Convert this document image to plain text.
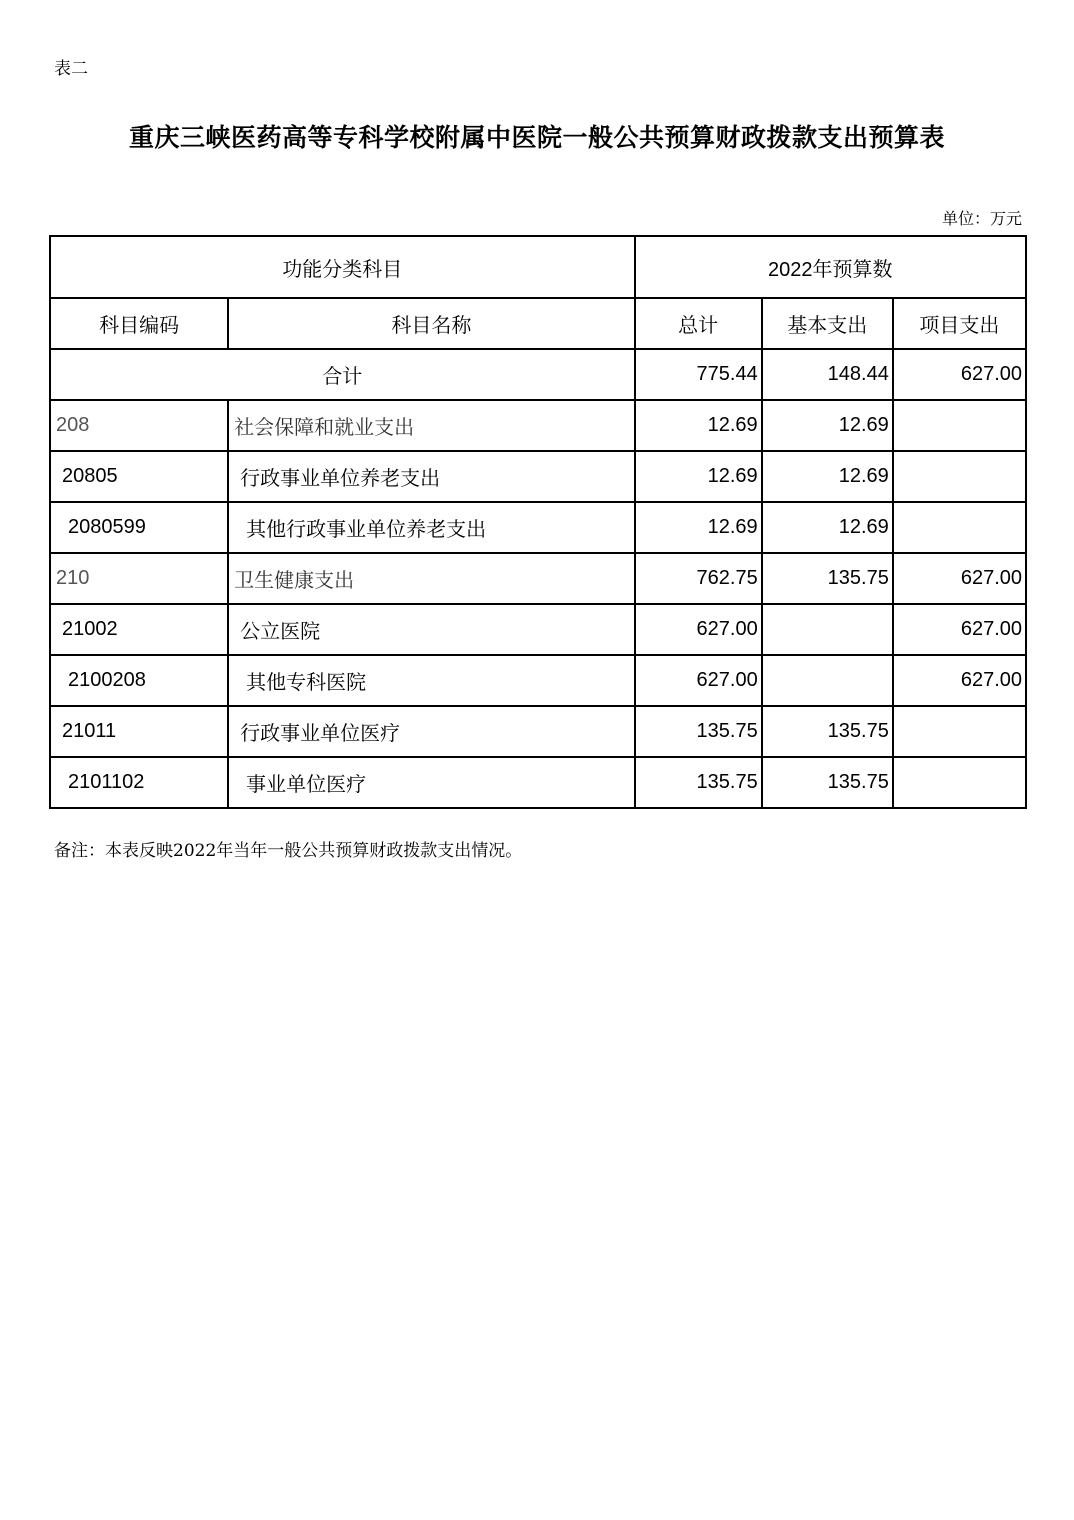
表二
重庆三峡医药高等专科学校附属中医院一般公共预算财政拨款支出预算表
单位：万元
功能分类科目		2022年预算数		
科目编码	科目名称	总计	基本支出	项目支出
合计		775.44	148.44	627.00
208	社会保障和就业支出	12.69	12.69	
20805	行政事业单位养老支出	12.69	12.69	
2080599	其他行政事业单位养老支出	12.69	12.69	
210	卫生健康支出	762.75	135.75	627.00
21002	公立医院	627.00		627.00
2100208	其他专科医院	627.00		627.00
21011	行政事业单位医疗	135.75	135.75	
2101102	事业单位医疗	135.75	135.75	
备注：本表反映2022年当年一般公共预算财政拨款支出情况。
